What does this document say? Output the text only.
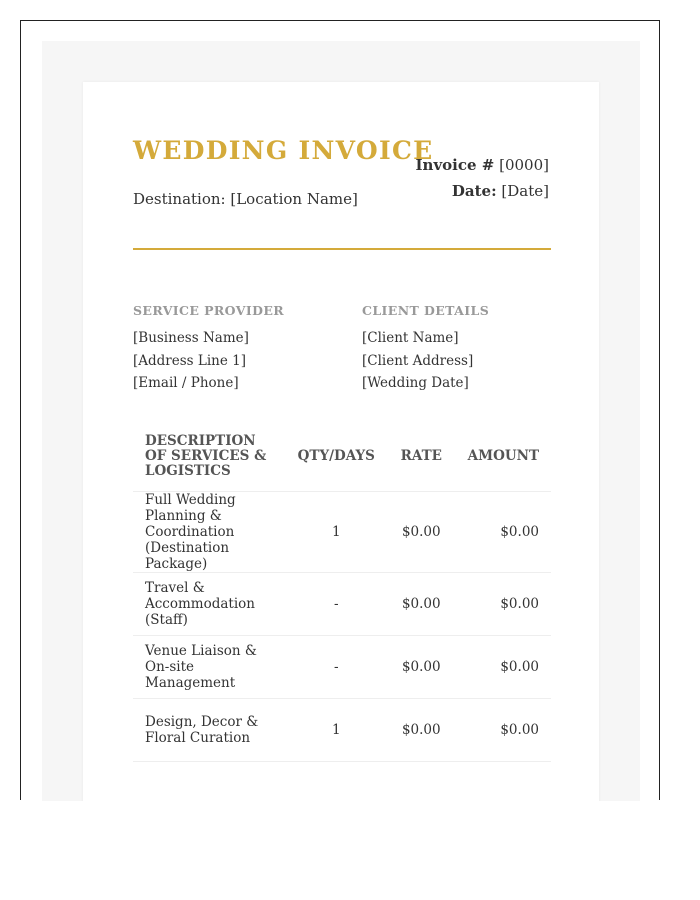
WEDDING INVOICE
Destination: [Location Name]
Invoice # [0000]
Date: [Date]
SERVICE PROVIDER
[Business Name]
[Address Line 1]
[Email / Phone]
CLIENT DETAILS
[Client Name]
[Client Address]
[Wedding Date]
DESCRIPTION OF SERVICES & LOGISTICS	QTY/DAYS	RATE	AMOUNT
Full Wedding Planning & Coordination (Destination Package)	1	$0.00	$0.00
Travel & Accommodation (Staff)	-	$0.00	$0.00
Venue Liaison & On-site Management	-	$0.00	$0.00
Design, Decor & Floral Curation	1	$0.00	$0.00
